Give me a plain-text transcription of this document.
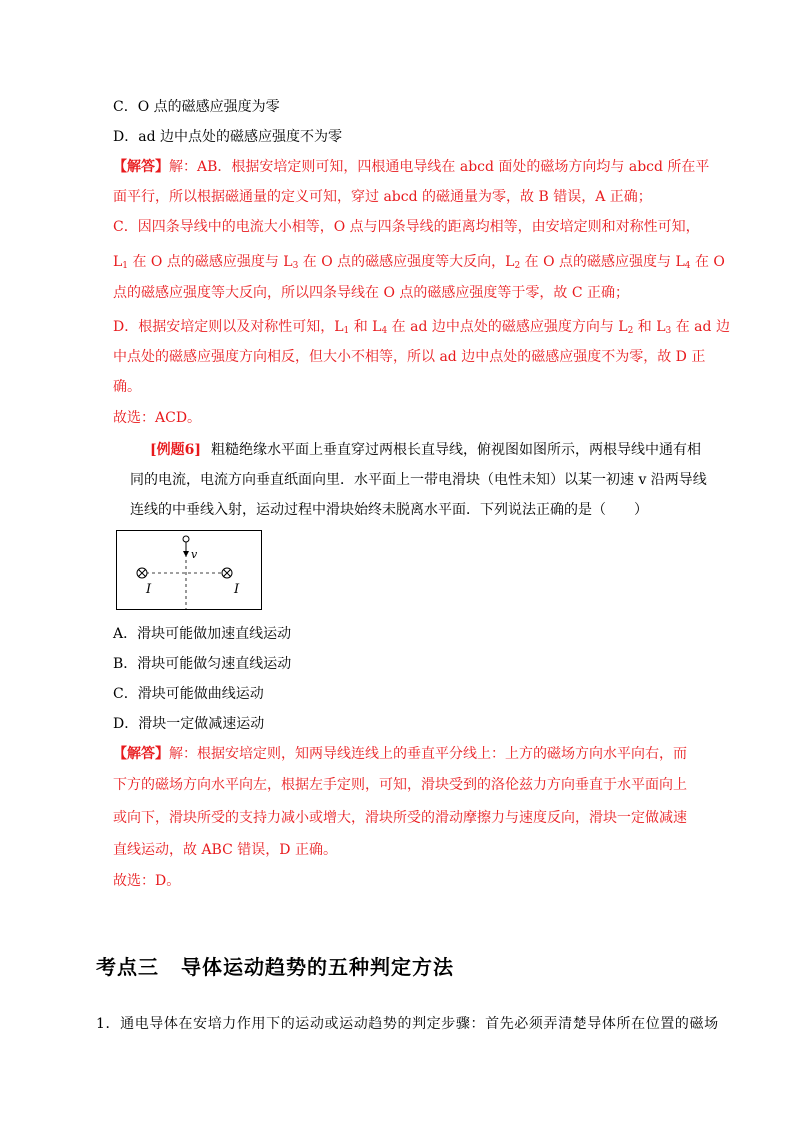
C．O 点的磁感应强度为零
D．ad 边中点处的磁感应强度不为零
【解答】解：AB．根据安培定则可知，四根通电导线在 abcd 面处的磁场方向均与 abcd 所在平
面平行，所以根据磁通量的定义可知，穿过 abcd 的磁通量为零，故 B 错误，A 正确；
C．因四条导线中的电流大小相等，O 点与四条导线的距离均相等，由安培定则和对称性可知，
$L_1$ 在 O 点的磁感应强度与 $L_3$ 在 O 点的磁感应强度等大反向，$L_2$ 在 O 点的磁感应强度与 $L_4$ 在 O
点的磁感应强度等大反向，所以四条导线在 O 点的磁感应强度等于零，故 C 正确；
D．根据安培定则以及对称性可知，$L_1$ 和 $L_4$ 在 ad 边中点处的磁感应强度方向与 $L_2$ 和 $L_3$ 在 ad 边
中点处的磁感应强度方向相反，但大小不相等，所以 ad 边中点处的磁感应强度不为零，故 D 正
确。
故选：ACD。
[例题6] 粗糙绝缘水平面上垂直穿过两根长直导线，俯视图如图所示，两根导线中通有相
同的电流，电流方向垂直纸面向里．水平面上一带电滑块（电性未知）以某一初速 v 沿两导线
连线的中垂线入射，运动过程中滑块始终未脱离水平面．下列说法正确的是（　　）
v
I	I
A．滑块可能做加速直线运动
B．滑块可能做匀速直线运动
C．滑块可能做曲线运动
D．滑块一定做减速运动
【解答】解：根据安培定则，知两导线连线上的垂直平分线上：上方的磁场方向水平向右，而
下方的磁场方向水平向左，根据左手定则，可知，滑块受到的洛伦兹力方向垂直于水平面向上
或向下，滑块所受的支持力减小或增大，滑块所受的滑动摩擦力与速度反向，滑块一定做减速
直线运动，故 ABC 错误，D 正确。
故选：D。
考点三 导体运动趋势的五种判定方法
1．通电导体在安培力作用下的运动或运动趋势的判定步骤：首先必须弄清楚导体所在位置的磁场
